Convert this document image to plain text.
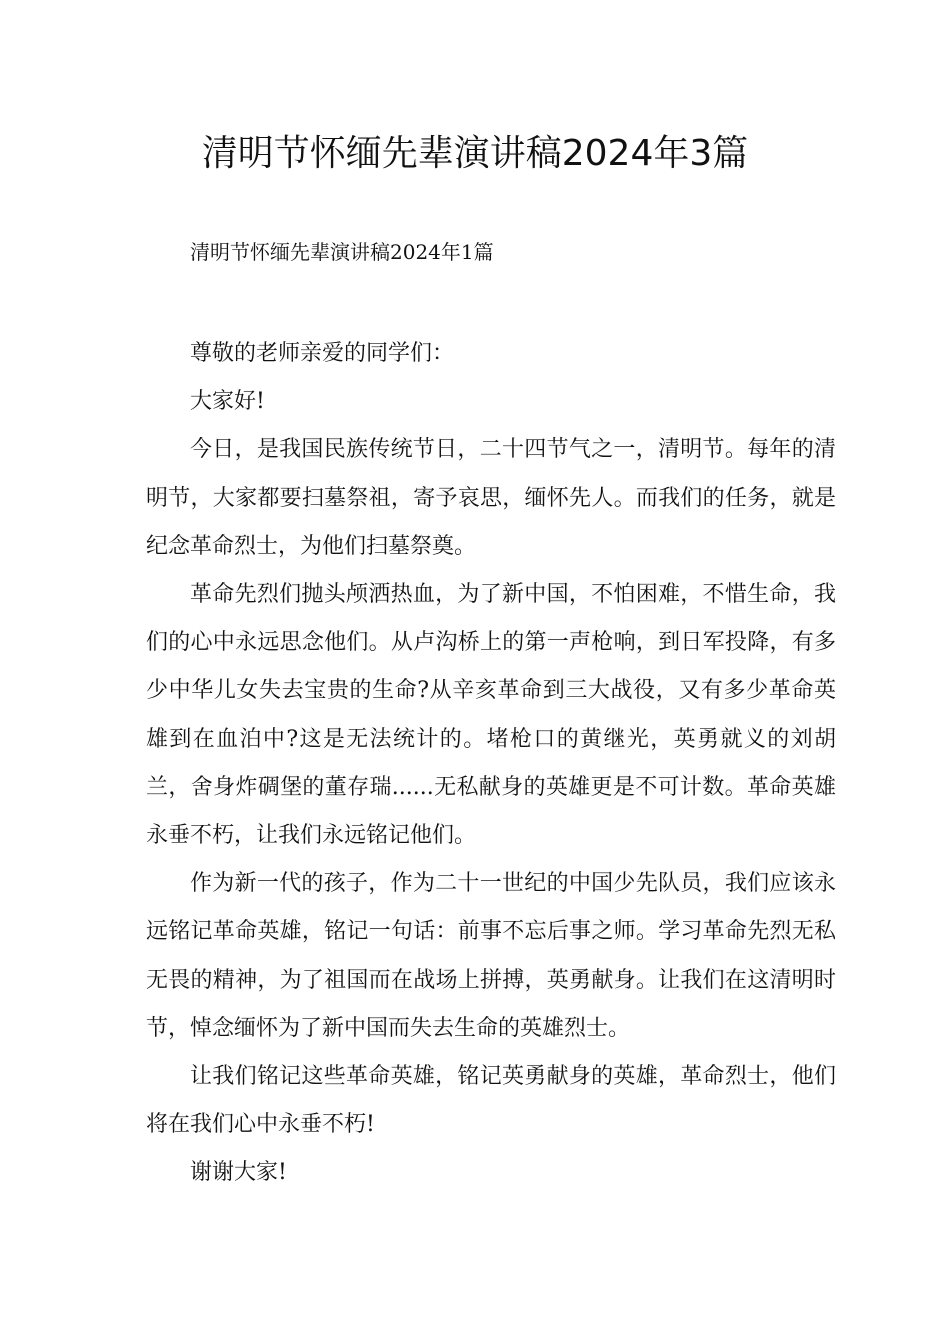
清明节怀缅先辈演讲稿2024年3篇

清明节怀缅先辈演讲稿2024年1篇

尊敬的老师亲爱的同学们：

大家好!

今日，是我国民族传统节日，二十四节气之一，清明节。每年的清明节，大家都要扫墓祭祖，寄予哀思，缅怀先人。而我们的任务，就是纪念革命烈士，为他们扫墓祭奠。

革命先烈们抛头颅洒热血，为了新中国，不怕困难，不惜生命，我们的心中永远思念他们。从卢沟桥上的第一声枪响，到日军投降，有多少中华儿女失去宝贵的生命?从辛亥革命到三大战役，又有多少革命英雄到在血泊中?这是无法统计的。堵枪口的黄继光，英勇就义的刘胡兰，舍身炸碉堡的董存瑞......无私献身的英雄更是不可计数。革命英雄永垂不朽，让我们永远铭记他们。

作为新一代的孩子，作为二十一世纪的中国少先队员，我们应该永远铭记革命英雄，铭记一句话：前事不忘后事之师。学习革命先烈无私无畏的精神，为了祖国而在战场上拼搏，英勇献身。让我们在这清明时节，悼念缅怀为了新中国而失去生命的英雄烈士。

让我们铭记这些革命英雄，铭记英勇献身的英雄，革命烈士，他们将在我们心中永垂不朽!

谢谢大家!
